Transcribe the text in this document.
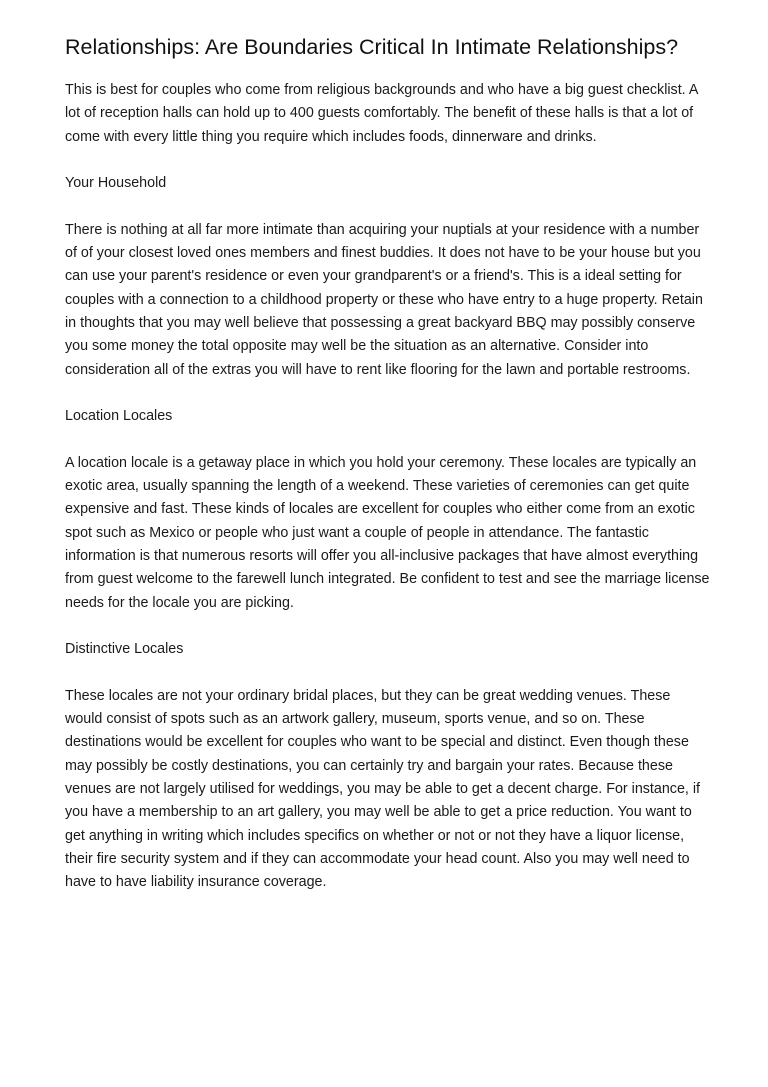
Relationships: Are Boundaries Critical In Intimate Relationships?

This is best for couples who come from religious backgrounds and who have a big guest checklist. A lot of reception halls can hold up to 400 guests comfortably. The benefit of these halls is that a lot of come with every little thing you require which includes foods, dinnerware and drinks.

Your Household

There is nothing at all far more intimate than acquiring your nuptials at your residence with a number of of your closest loved ones members and finest buddies. It does not have to be your house but you can use your parent's residence or even your grandparent's or a friend's. This is a ideal setting for couples with a connection to a childhood property or these who have entry to a huge property. Retain in thoughts that you may well believe that possessing a great backyard BBQ may possibly conserve you some money the total opposite may well be the situation as an alternative. Consider into consideration all of the extras you will have to rent like flooring for the lawn and portable restrooms.

Location Locales

A location locale is a getaway place in which you hold your ceremony. These locales are typically an exotic area, usually spanning the length of a weekend. These varieties of ceremonies can get quite expensive and fast. These kinds of locales are excellent for couples who either come from an exotic spot such as Mexico or people who just want a couple of people in attendance. The fantastic information is that numerous resorts will offer you all-inclusive packages that have almost everything from guest welcome to the farewell lunch integrated. Be confident to test and see the marriage license needs for the locale you are picking.

Distinctive Locales

These locales are not your ordinary bridal places, but they can be great wedding venues. These would consist of spots such as an artwork gallery, museum, sports venue, and so on. These destinations would be excellent for couples who want to be special and distinct. Even though these may possibly be costly destinations, you can certainly try and bargain your rates. Because these venues are not largely utilised for weddings, you may be able to get a decent charge. For instance, if you have a membership to an art gallery, you may well be able to get a price reduction. You want to get anything in writing which includes specifics on whether or not or not they have a liquor license, their fire security system and if they can accommodate your head count. Also you may well need to have to have liability insurance coverage.
